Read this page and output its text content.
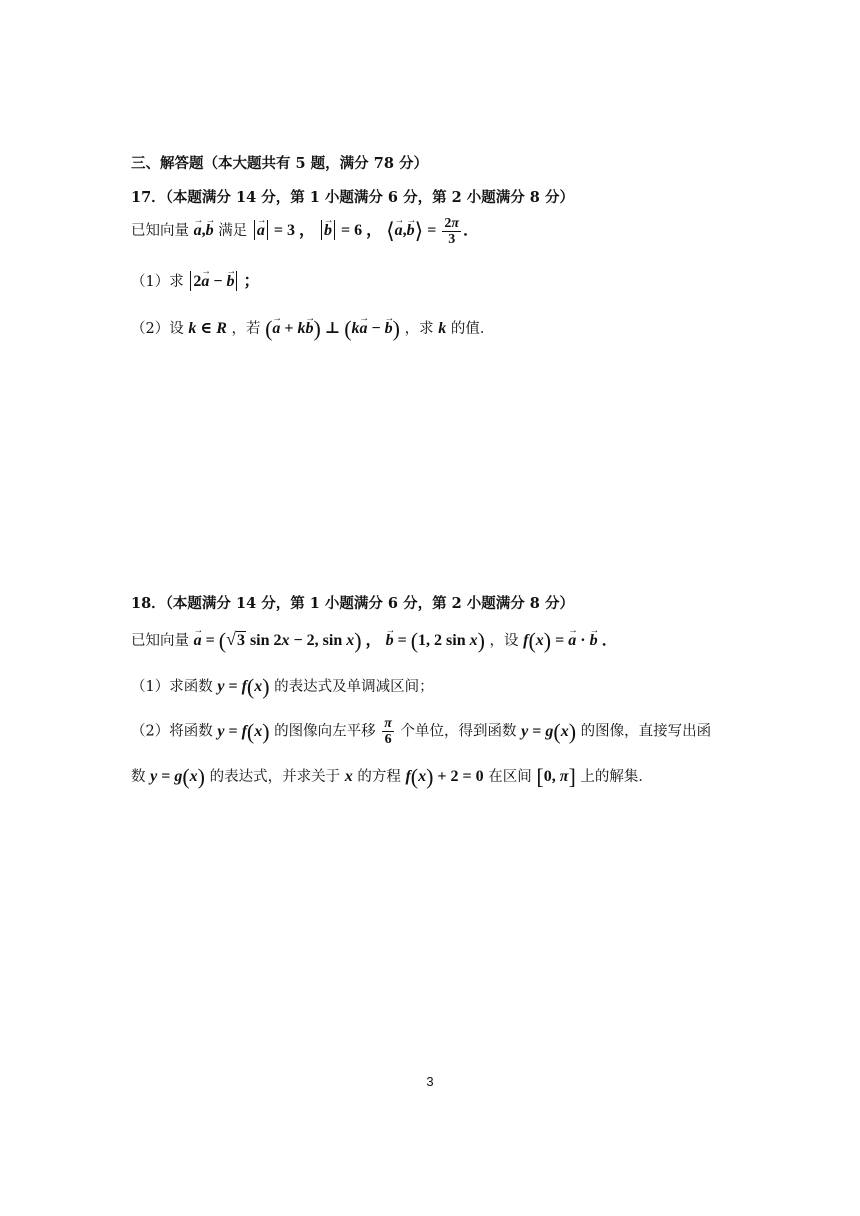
三、解答题（本大题共有 5 题，满分 78 分）
17．（本题满分 14 分，第 1 小题满分 6 分，第 2 小题满分 8 分）
已知向量 → a,→ b 满足 → a = 3 ， → b = 6 ， ⟨→ a,→ b⟩ = $\frac{2\pi}{3}$ ．
（1）求 2→ a − → b ；
（2）设 k ∈ R ，若 (→ a + k→ b) ⊥ (k→ a − → b) ，求 k 的值．
18．（本题满分 14 分，第 1 小题满分 6 分，第 2 小题满分 8 分）
已知向量 → a = (√3 sin 2x − 2, sin x) ， → b = (1, 2 sin x) ，设 f(x) = → a · → b ．
（1）求函数 y = f(x) 的表达式及单调减区间；
（2）将函数 y = f(x) 的图像向左平移 $\frac{\pi}{6}$ 个单位，得到函数 y = g(x) 的图像，直接写出函
数 y = g(x) 的表达式，并求关于 x 的方程 f(x) + 2 = 0 在区间 [0, π] 上的解集．
3
